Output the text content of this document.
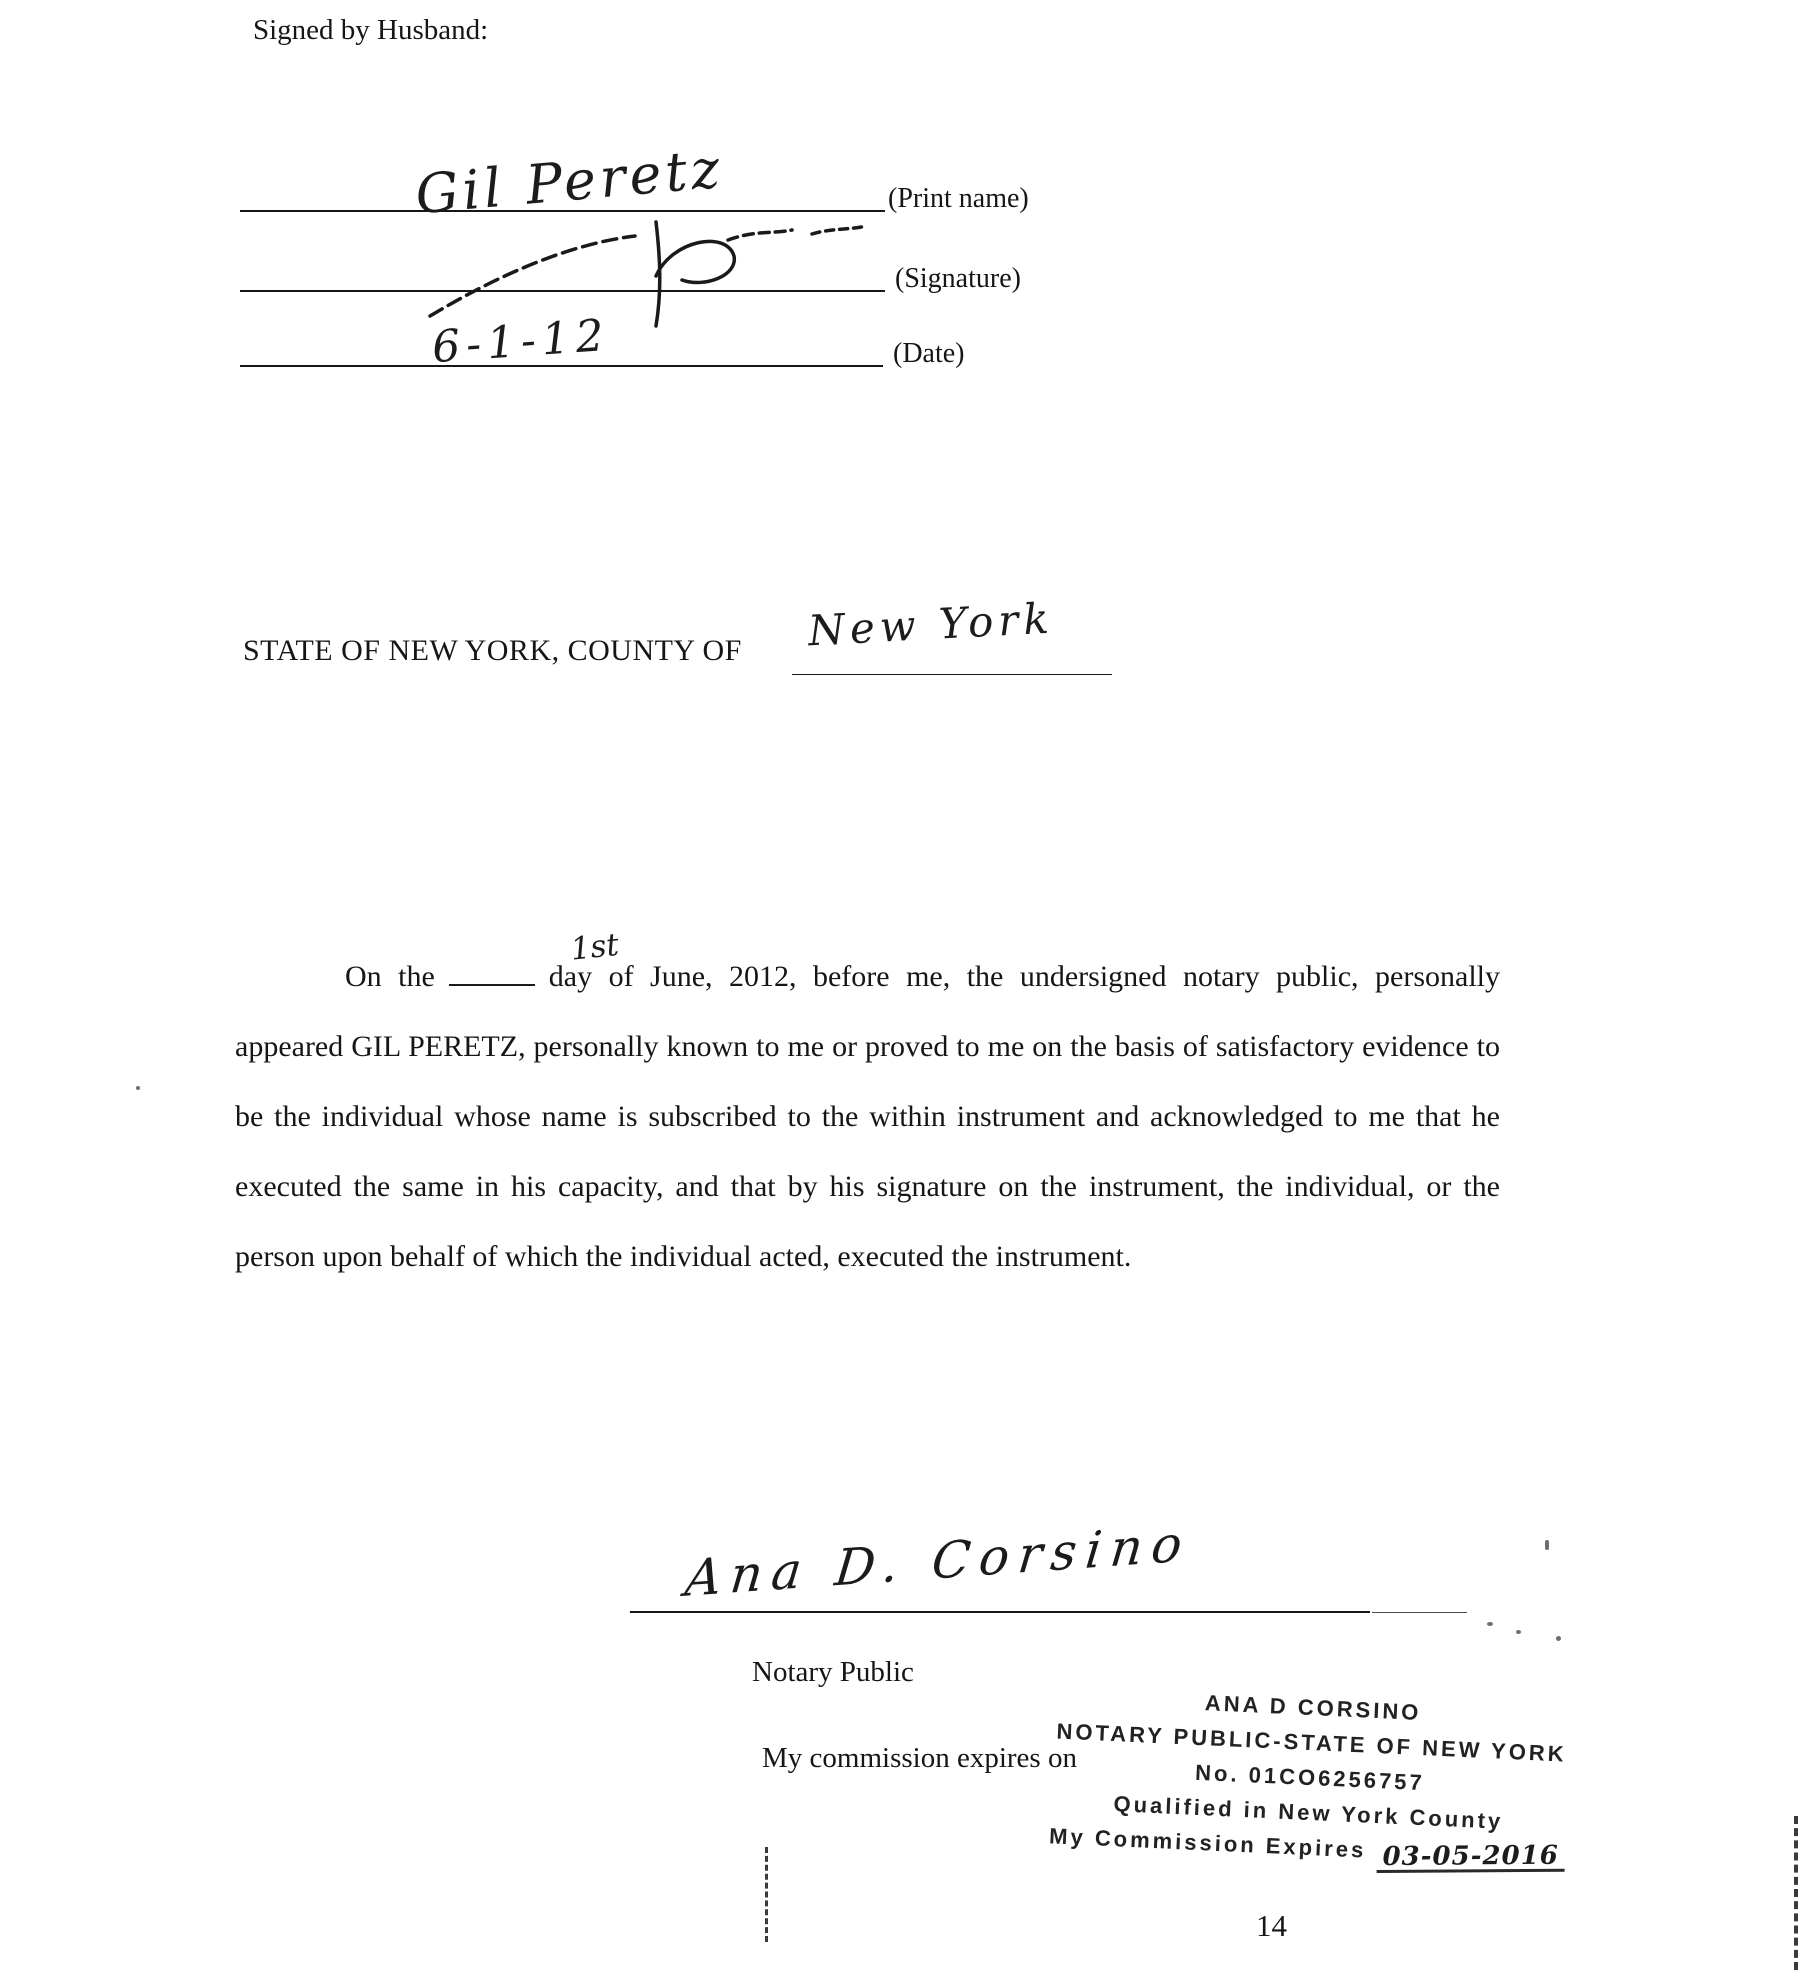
Signed by Husband:
Gil Peretz	(Print name)
(Signature)
6-1-12	(Date)
STATE OF NEW YORK, COUNTY OF New York

On the
1st
day of June, 2012, before me, the undersigned notary public, personally appeared GIL PERETZ, personally known to me or proved to me on the basis of satisfactory evidence to be the individual whose name is subscribed to the within instrument and acknowledged to me that he executed the same in his capacity, and that by his signature on the instrument, the individual, or the person upon behalf of which the individual acted, executed the instrument.

Ana D. Corsino
Notary Public
My commission expires on
ANA D CORSINO
NOTARY PUBLIC-STATE OF NEW YORK
No. 01CO6256757
Qualified in New York County
My Commission Expires 03-05-2016
14
